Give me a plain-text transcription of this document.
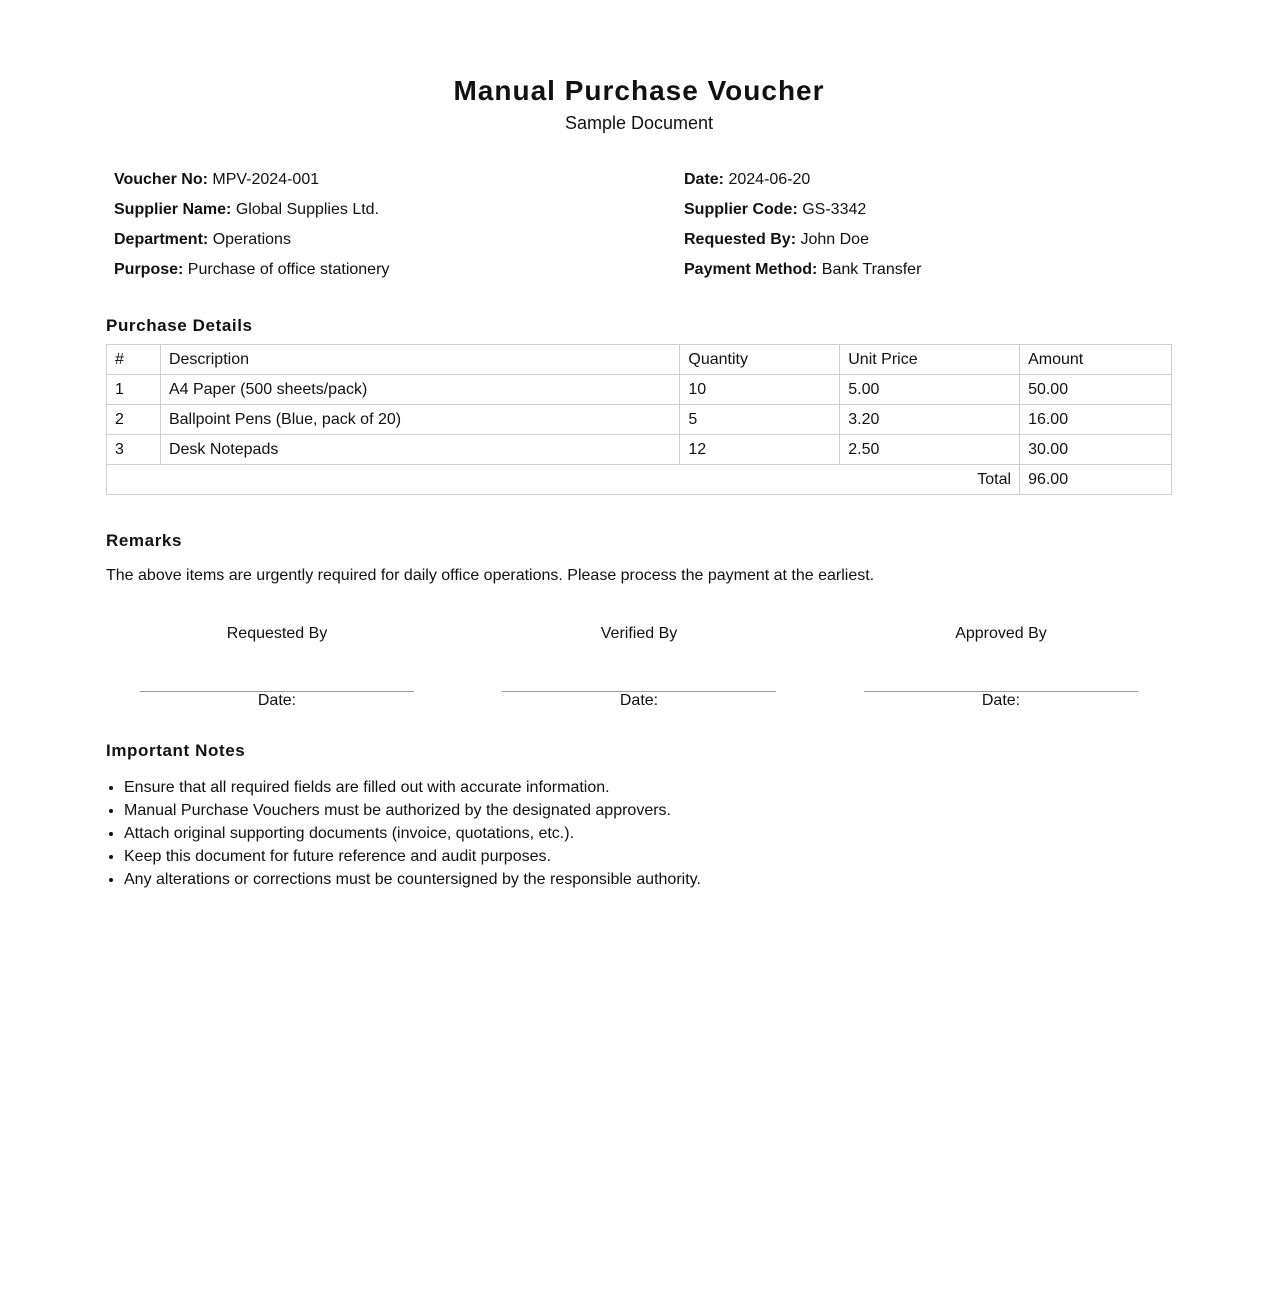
Manual Purchase Voucher
Sample Document
Voucher No: MPV-2024-001	Date: 2024-06-20
Supplier Name: Global Supplies Ltd.	Supplier Code: GS-3342
Department: Operations	Requested By: John Doe
Purpose: Purchase of office stationery	Payment Method: Bank Transfer
Purchase Details
#	Description	Quantity	Unit Price	Amount
1	A4 Paper (500 sheets/pack)	10	5.00	50.00
2	Ballpoint Pens (Blue, pack of 20)	5	3.20	16.00
3	Desk Notepads	12	2.50	30.00
Total				96.00
Remarks
The above items are urgently required for daily office operations. Please process the payment at the earliest.
Requested By
Date:
Verified By
Date:
Approved By
Date:
Important Notes
• Ensure that all required fields are filled out with accurate information.
• Manual Purchase Vouchers must be authorized by the designated approvers.
• Attach original supporting documents (invoice, quotations, etc.).
• Keep this document for future reference and audit purposes.
• Any alterations or corrections must be countersigned by the responsible authority.
